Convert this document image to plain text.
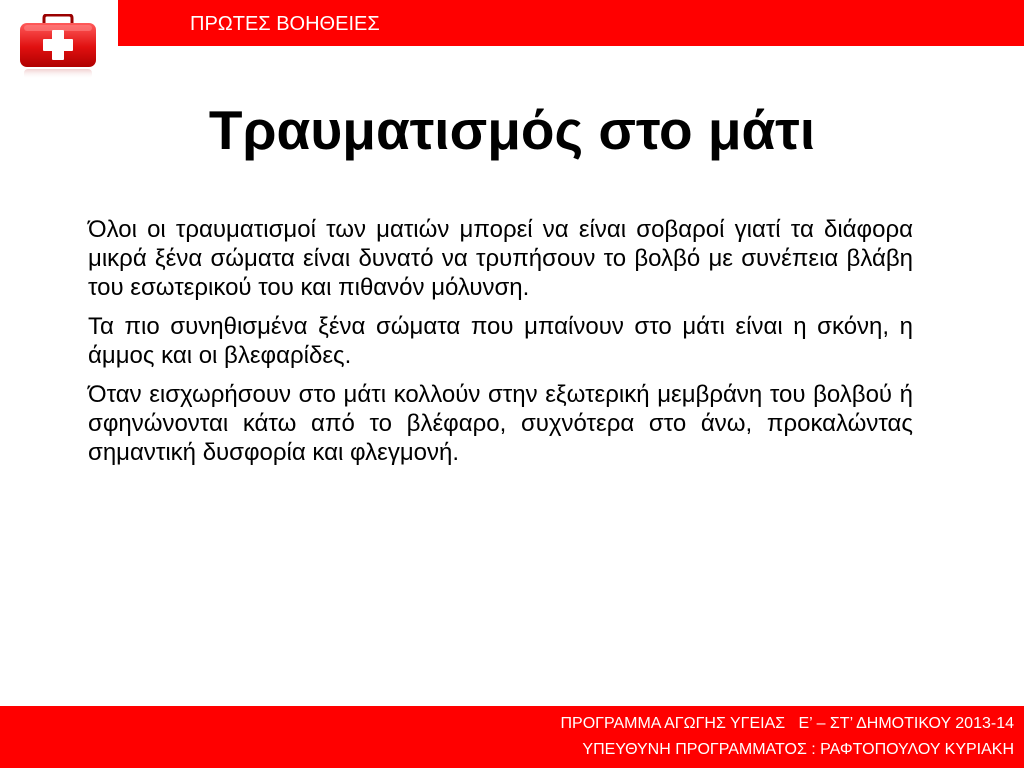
ΠΡΩΤΕΣ ΒΟΗΘΕΙΕΣ
Τραυματισμός στο μάτι

Όλοι οι τραυματισμοί των ματιών μπορεί να είναι σοβαροί γιατί τα διάφορα μικρά ξένα σώματα είναι δυνατό να τρυπήσουν το βολβό με συνέπεια βλάβη του εσωτερικού του και πιθανόν μόλυνση.

Τα πιο συνηθισμένα ξένα σώματα που μπαίνουν στο μάτι είναι η σκόνη, η άμμος και οι βλεφαρίδες.

Όταν εισχωρήσουν στο μάτι κολλούν στην εξωτερική μεμβράνη του βολβού ή σφηνώνονται κάτω από το βλέφαρο, συχνότερα στο άνω, προκαλώντας σημαντική δυσφορία και φλεγμονή.

ΠΡΟΓΡΑΜΜΑ ΑΓΩΓΗΣ ΥΓΕΙΑΣ   Ε’ – ΣΤ’ ΔΗΜΟΤΙΚΟΥ 2013-14
ΥΠΕΥΘΥΝΗ ΠΡΟΓΡΑΜΜΑΤΟΣ : ΡΑΦΤΟΠΟΥΛΟΥ ΚΥΡΙΑΚΗ
